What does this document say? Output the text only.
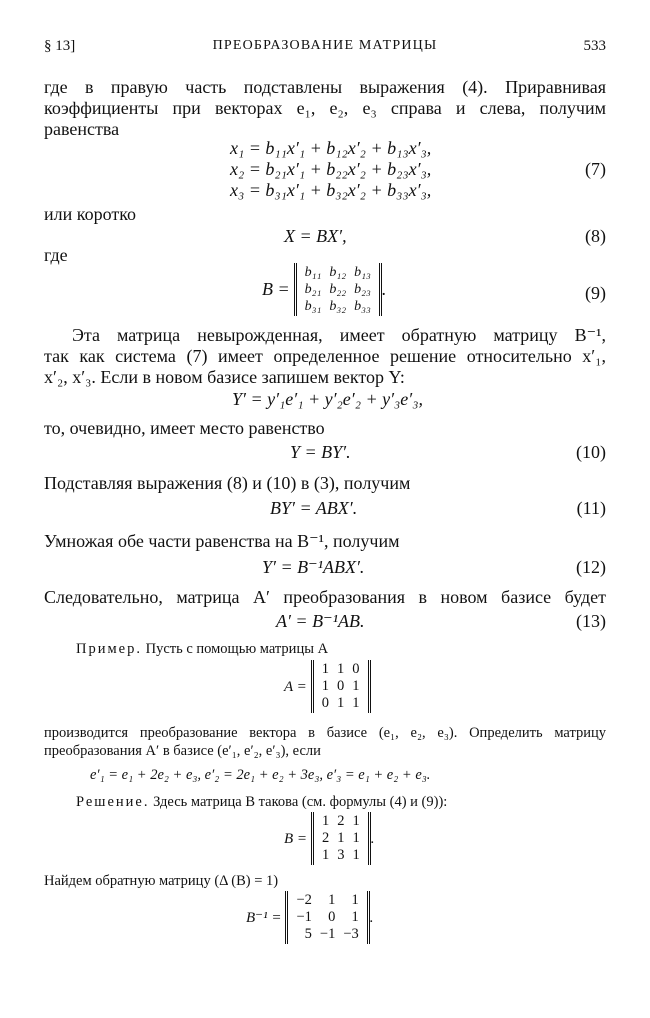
§ 13]	ПРЕОБРАЗОВАНИЕ МАТРИЦЫ	533
где в правую часть подставлены выражения (4). Приравнивая
коэффициенты при векторах e₁, e₂, e₃ справа и слева, получим
равенства
x₁ = b₁₁x′₁ + b₁₂x′₂ + b₁₃x′₃,
x₂ = b₂₁x′₁ + b₂₂x′₂ + b₂₃x′₃,	(7)
x₃ = b₃₁x′₁ + b₃₂x′₂ + b₃₃x′₃,
или коротко
X = BX′,	(8)
где
B =
b₁₁	b₁₂	b₁₃
b₂₁	b₂₂	b₂₃
b₃₁	b₃₂	b₃₃
.	(9)
Эта матрица невырожденная, имеет обратную матрицу B⁻¹,
так как система (7) имеет определенное решение относительно x′₁,
x′₂, x′₃. Если в новом базисе запишем вектор Y:
Y′ = y′₁e′₁ + y′₂e′₂ + y′₃e′₃,
то, очевидно, имеет место равенство
Y = BY′.	(10)
Подставляя выражения (8) и (10) в (3), получим
BY′ = ABX′.	(11)
Умножая обе части равенства на B⁻¹, получим
Y′ = B⁻¹ABX′.	(12)
Следовательно, матрица A′ преобразования в новом базисе будет
A′ = B⁻¹AB.	(13)
Пример. Пусть с помощью матрицы A
A =
1	1	0
1	0	1
0	1	1
производится преобразование вектора в базисе (e₁, e₂, e₃). Определить матрицу
преобразования A′ в базисе (e′₁, e′₂, e′₃), если
e′₁ = e₁ + 2e₂ + e₃, e′₂ = 2e₁ + e₂ + 3e₃, e′₃ = e₁ + e₂ + e₃.
Решение. Здесь матрица B такова (см. формулы (4) и (9)):
B =
1	2	1
2	1	1
1	3	1
.
Найдем обратную матрицу (Δ (B) = 1)
B⁻¹ =
−2	1	1
−1	0	1
5	−1	−3
.
